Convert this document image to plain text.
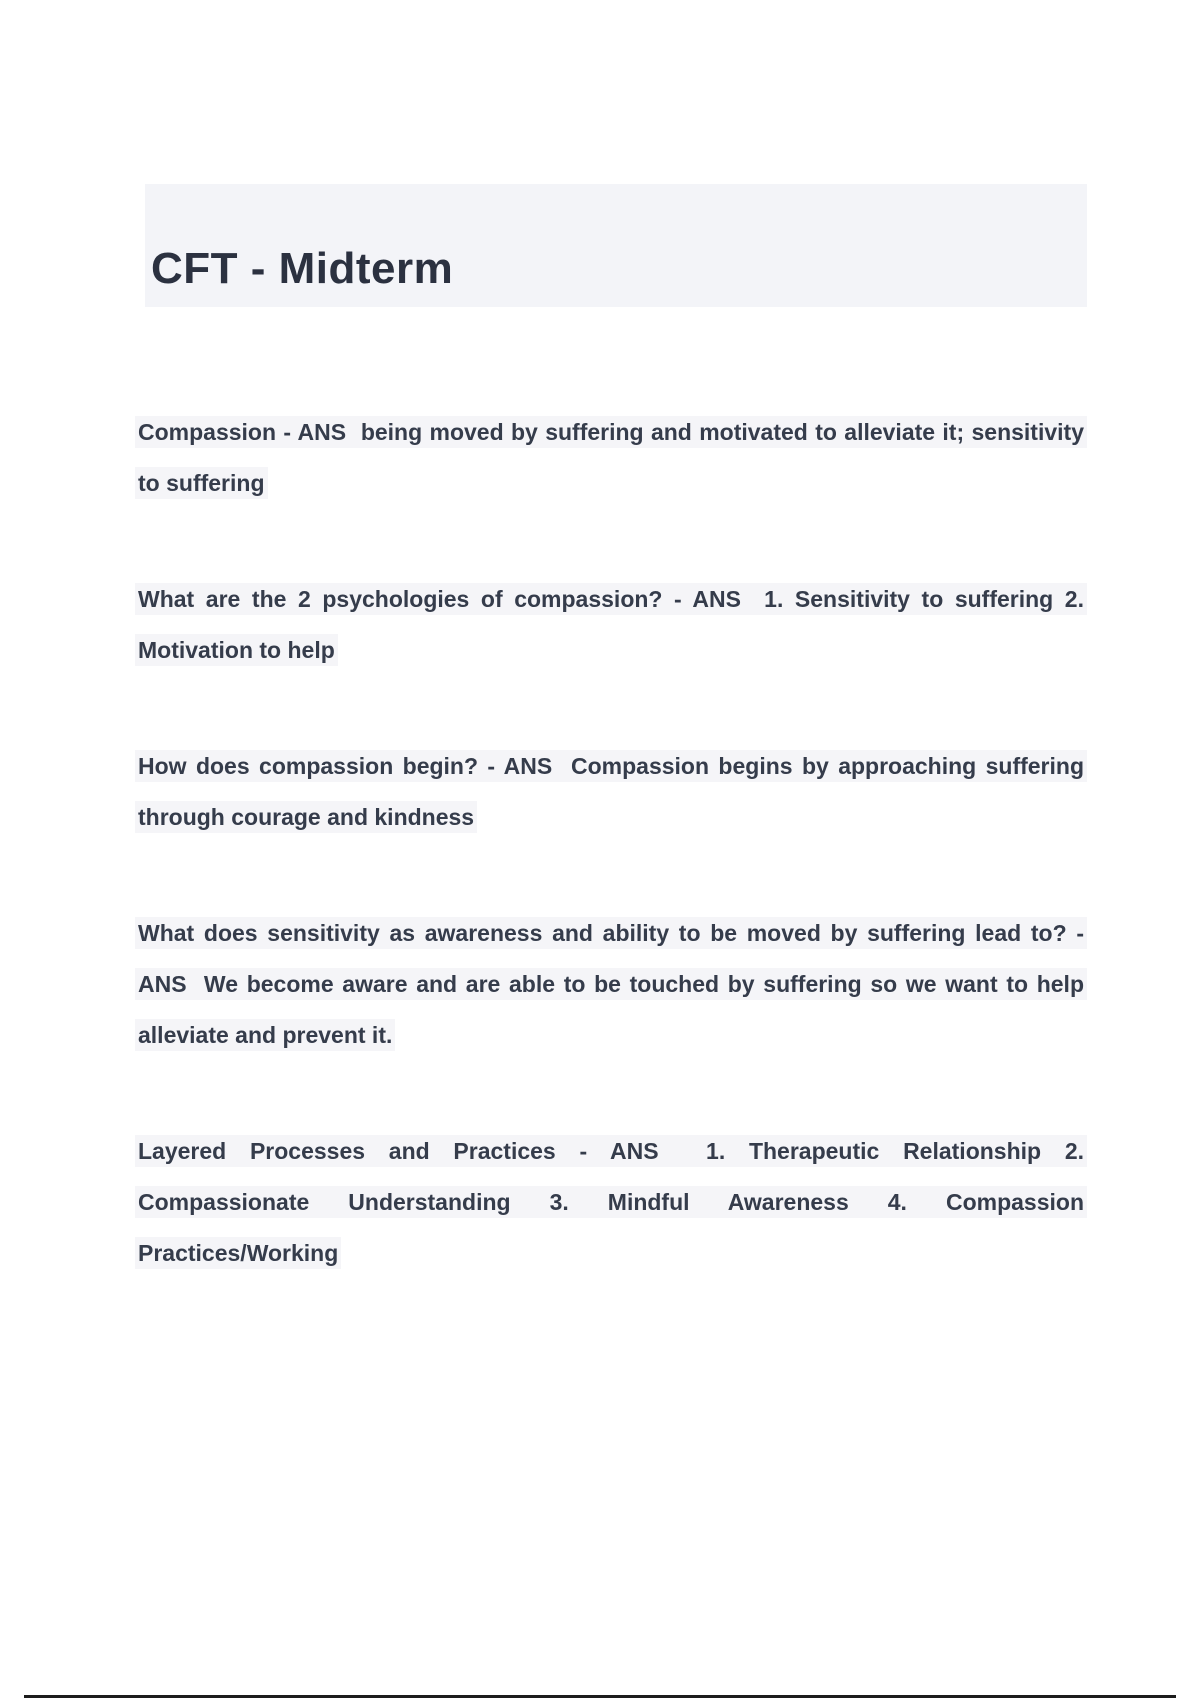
CFT - Midterm

Compassion - ANS  being moved by suffering and motivated to alleviate it; sensitivity to suffering

What are the 2 psychologies of compassion? - ANS  1. Sensitivity to suffering 2. Motivation to help

How does compassion begin? - ANS  Compassion begins by approaching suffering through courage and kindness

What does sensitivity as awareness and ability to be moved by suffering lead to? - ANS  We become aware and are able to be touched by suffering so we want to help alleviate and prevent it.

Layered Processes and Practices - ANS  1. Therapeutic Relationship 2. Compassionate Understanding 3. Mindful Awareness 4. Compassion Practices/Working
